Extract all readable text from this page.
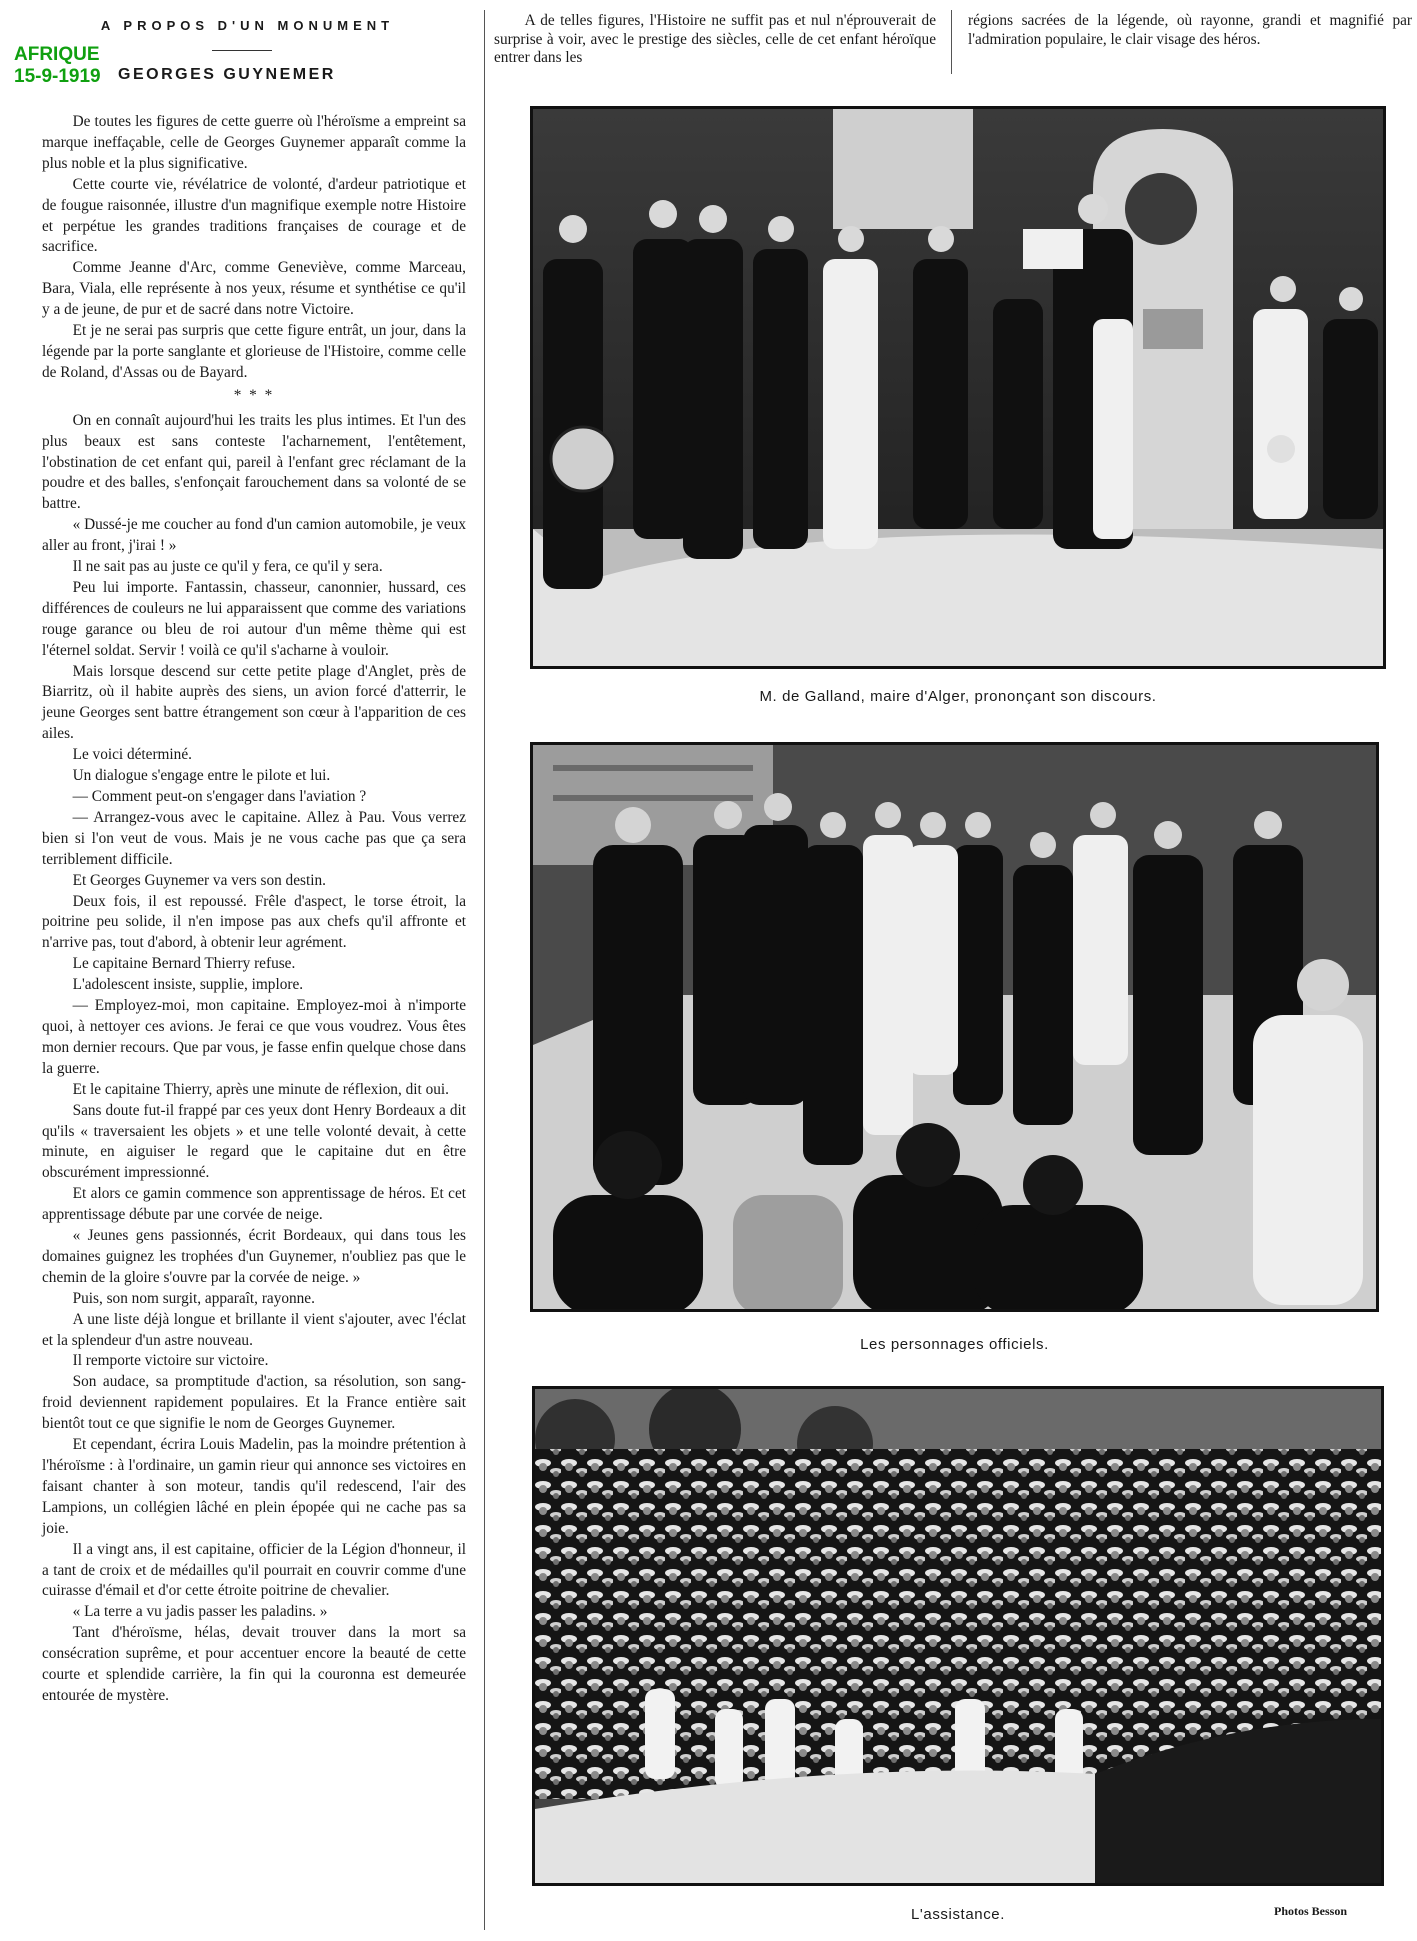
AFRIQUE
15-9-1919
A PROPOS D'UN MONUMENT
GEORGES GUYNEMER

De toutes les figures de cette guerre où l'héroïsme a empreint sa marque ineffaçable, celle de Georges Guynemer apparaît comme la plus noble et la plus significative.

Cette courte vie, révélatrice de volonté, d'ardeur patriotique et de fougue raisonnée, illustre d'un magnifique exemple notre Histoire et perpétue les grandes traditions françaises de courage et de sacrifice.

Comme Jeanne d'Arc, comme Geneviève, comme Marceau, Bara, Viala, elle représente à nos yeux, résume et synthétise ce qu'il y a de jeune, de pur et de sacré dans notre Victoire.

Et je ne serai pas surpris que cette figure entrât, un jour, dans la légende par la porte sanglante et glorieuse de l'Histoire, comme celle de Roland, d'Assas ou de Bayard.

* * *

On en connaît aujourd'hui les traits les plus intimes. Et l'un des plus beaux est sans conteste l'acharnement, l'entêtement, l'obstination de cet enfant qui, pareil à l'enfant grec réclamant de la poudre et des balles, s'enfonçait farouchement dans sa volonté de se battre.

« Dussé-je me coucher au fond d'un camion automobile, je veux aller au front, j'irai ! »

Il ne sait pas au juste ce qu'il y fera, ce qu'il y sera.

Peu lui importe. Fantassin, chasseur, canonnier, hussard, ces différences de couleurs ne lui apparaissent que comme des variations rouge garance ou bleu de roi autour d'un même thème qui est l'éternel soldat. Servir ! voilà ce qu'il s'acharne à vouloir.

Mais lorsque descend sur cette petite plage d'Anglet, près de Biarritz, où il habite auprès des siens, un avion forcé d'atterrir, le jeune Georges sent battre étrangement son cœur à l'apparition de ces ailes.

Le voici déterminé.

Un dialogue s'engage entre le pilote et lui.

— Comment peut-on s'engager dans l'aviation ?

— Arrangez-vous avec le capitaine. Allez à Pau. Vous verrez bien si l'on veut de vous. Mais je ne vous cache pas que ça sera terriblement difficile.

Et Georges Guynemer va vers son destin.

Deux fois, il est repoussé. Frêle d'aspect, le torse étroit, la poitrine peu solide, il n'en impose pas aux chefs qu'il affronte et n'arrive pas, tout d'abord, à obtenir leur agrément.

Le capitaine Bernard Thierry refuse.

L'adolescent insiste, supplie, implore.

— Employez-moi, mon capitaine. Employez-moi à n'importe quoi, à nettoyer ces avions. Je ferai ce que vous voudrez. Vous êtes mon dernier recours. Que par vous, je fasse enfin quelque chose dans la guerre.

Et le capitaine Thierry, après une minute de réflexion, dit oui.

Sans doute fut-il frappé par ces yeux dont Henry Bordeaux a dit qu'ils « traversaient les objets » et une telle volonté devait, à cette minute, en aiguiser le regard que le capitaine dut en être obscurément impressionné.

Et alors ce gamin commence son apprentissage de héros. Et cet apprentissage débute par une corvée de neige.

« Jeunes gens passionnés, écrit Bordeaux, qui dans tous les domaines guignez les trophées d'un Guynemer, n'oubliez pas que le chemin de la gloire s'ouvre par la corvée de neige. »

Puis, son nom surgit, apparaît, rayonne.

A une liste déjà longue et brillante il vient s'ajouter, avec l'éclat et la splendeur d'un astre nouveau.

Il remporte victoire sur victoire.

Son audace, sa promptitude d'action, sa résolution, son sang-froid deviennent rapidement populaires. Et la France entière sait bientôt tout ce que signifie le nom de Georges Guynemer.

Et cependant, écrira Louis Madelin, pas la moindre prétention à l'héroïsme : à l'ordinaire, un gamin rieur qui annonce ses victoires en faisant chanter à son moteur, tandis qu'il redescend, l'air des Lampions, un collégien lâché en plein épopée qui ne cache pas sa joie.

Il a vingt ans, il est capitaine, officier de la Légion d'honneur, il a tant de croix et de médailles qu'il pourrait en couvrir comme d'une cuirasse d'émail et d'or cette étroite poitrine de chevalier.

« La terre a vu jadis passer les paladins. »

Tant d'héroïsme, hélas, devait trouver dans la mort sa consécration suprême, et pour accentuer encore la beauté de cette courte et splendide carrière, la fin qui la couronna est demeurée entourée de mystère.

A de telles figures, l'Histoire ne suffit pas et nul n'éprouverait de surprise à voir, avec le prestige des siècles, celle de cet enfant héroïque entrer dans les

régions sacrées de la légende, où rayonne, grandi et magnifié par l'admiration populaire, le clair visage des héros.

M. de Galland, maire d'Alger, prononçant son discours.
Les personnages officiels.
L'assistance.	Photos Besson
